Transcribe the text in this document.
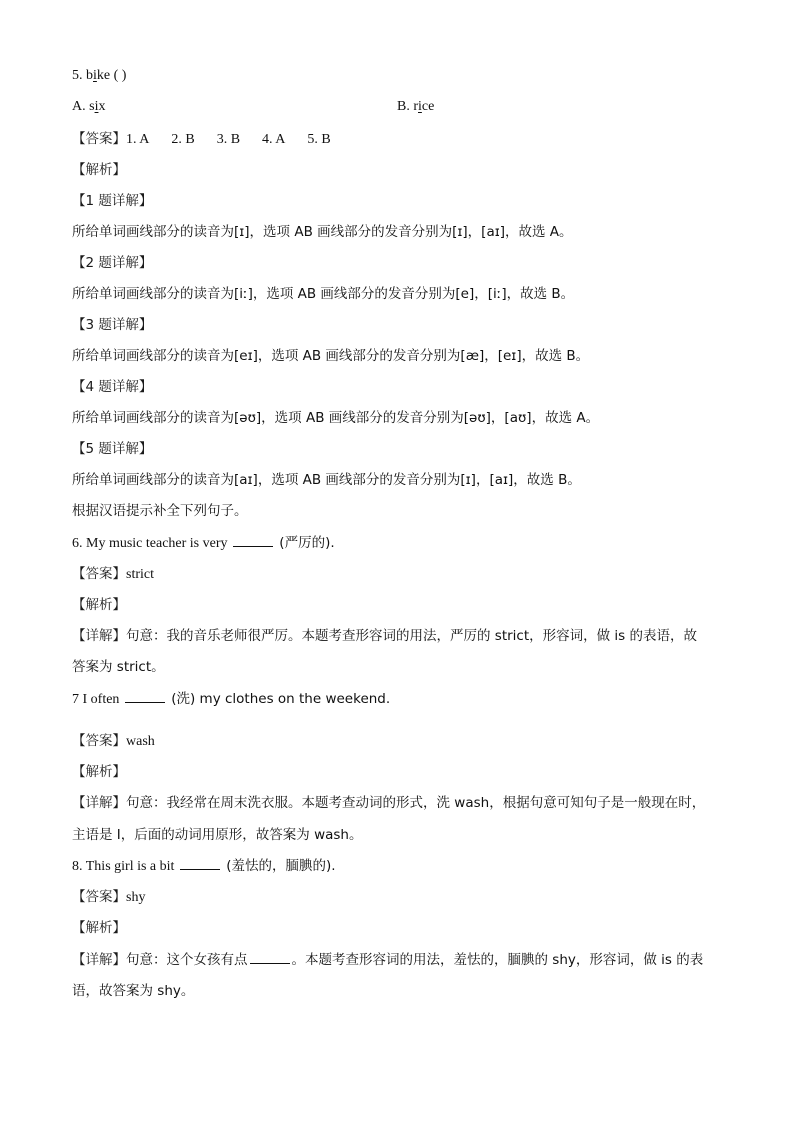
5. bike ( )
A. six	B. rice
【答案】1. A 2. B 3. B 4. A 5. B
【解析】
【1 题详解】
所给单词画线部分的读音为[ɪ]，选项 AB 画线部分的发音分别为[ɪ]，[aɪ]，故选 A。
【2 题详解】
所给单词画线部分的读音为[iː]，选项 AB 画线部分的发音分别为[e]，[iː]，故选 B。
【3 题详解】
所给单词画线部分的读音为[eɪ]，选项 AB 画线部分的发音分别为[æ]，[eɪ]，故选 B。
【4 题详解】
所给单词画线部分的读音为[əʊ]，选项 AB 画线部分的发音分别为[əʊ]，[aʊ]，故选 A。
【5 题详解】
所给单词画线部分的读音为[aɪ]，选项 AB 画线部分的发音分别为[ɪ]，[aɪ]，故选 B。
根据汉语提示补全下列句子。
6. My music teacher is very	(严厉的).
【答案】strict
【解析】
【详解】句意：我的音乐老师很严厉。本题考查形容词的用法，严厉的 strict，形容词，做 is 的表语，故
答案为 strict。
7 I often	(洗) my clothes on the weekend.
【答案】wash
【解析】
【详解】句意：我经常在周末洗衣服。本题考查动词的形式，洗 wash，根据句意可知句子是一般现在时，
主语是 I，后面的动词用原形，故答案为 wash。
8. This girl is a bit	(羞怯的，腼腆的).
【答案】shy
【解析】
【详解】句意：这个女孩有点	。本题考查形容词的用法，羞怯的，腼腆的 shy，形容词，做 is 的表
语，故答案为 shy。
